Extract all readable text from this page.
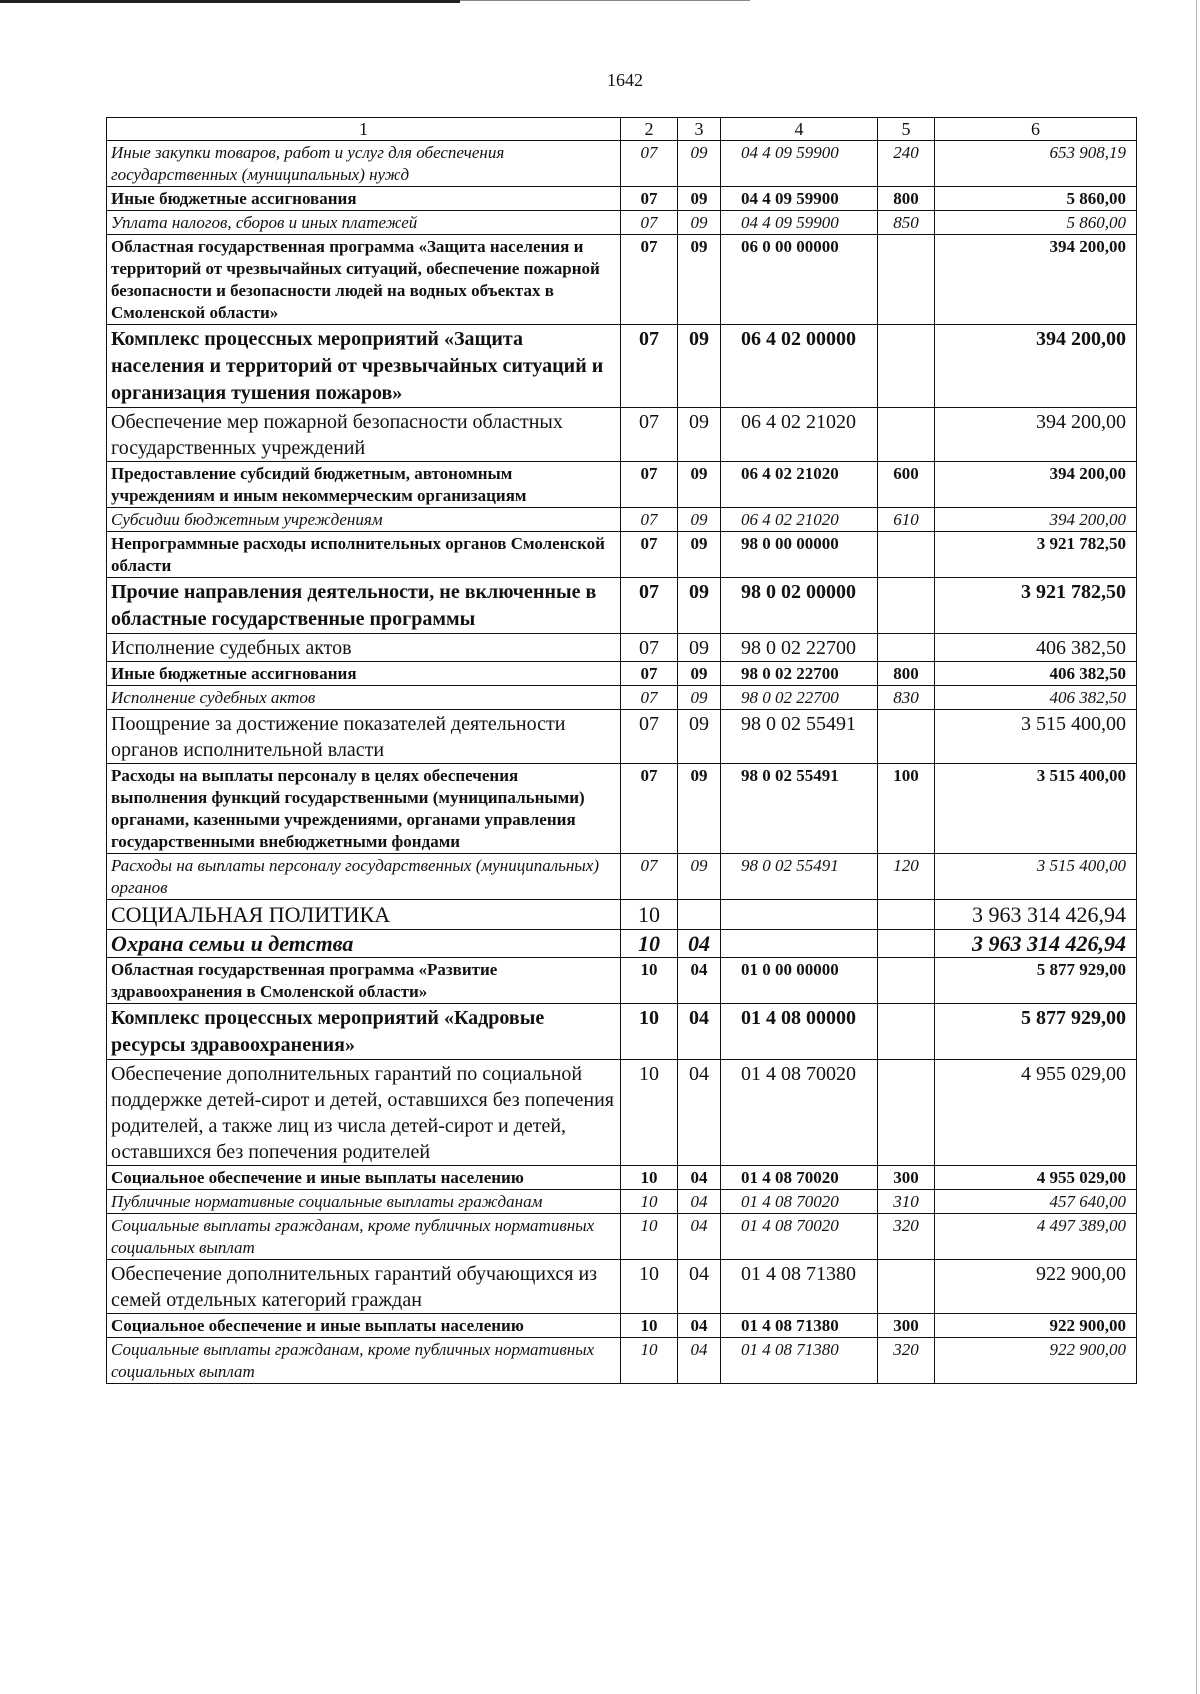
1642
1	2	3	4	5	6
Иные закупки товаров, работ и услуг для обеспечения государственных (муниципальных) нужд	07	09	04 4 09 59900	240	653 908,19
Иные бюджетные ассигнования	07	09	04 4 09 59900	800	5 860,00
Уплата налогов, сборов и иных платежей	07	09	04 4 09 59900	850	5 860,00
Областная государственная программа «Защита населения и территорий от чрезвычайных ситуаций, обеспечение пожарной безопасности и безопасности людей на водных объектах в Смоленской области»	07	09	06 0 00 00000		394 200,00
Комплекс процессных мероприятий «Защита населения и территорий от чрезвычайных ситуаций и организация тушения пожаров»	07	09	06 4 02 00000		394 200,00
Обеспечение мер пожарной безопасности областных государственных учреждений	07	09	06 4 02 21020		394 200,00
Предоставление субсидий бюджетным, автономным учреждениям и иным некоммерческим организациям	07	09	06 4 02 21020	600	394 200,00
Субсидии бюджетным учреждениям	07	09	06 4 02 21020	610	394 200,00
Непрограммные расходы исполнительных органов Смоленской области	07	09	98 0 00 00000		3 921 782,50
Прочие направления деятельности, не включенные в областные государственные программы	07	09	98 0 02 00000		3 921 782,50
Исполнение судебных актов	07	09	98 0 02 22700		406 382,50
Иные бюджетные ассигнования	07	09	98 0 02 22700	800	406 382,50
Исполнение судебных актов	07	09	98 0 02 22700	830	406 382,50
Поощрение за достижение показателей деятельности органов исполнительной власти	07	09	98 0 02 55491		3 515 400,00
Расходы на выплаты персоналу в целях обеспечения выполнения функций государственными (муниципальными) органами, казенными учреждениями, органами управления государственными внебюджетными фондами	07	09	98 0 02 55491	100	3 515 400,00
Расходы на выплаты персоналу государственных (муниципальных) органов	07	09	98 0 02 55491	120	3 515 400,00
СОЦИАЛЬНАЯ ПОЛИТИКА	10				3 963 314 426,94
Охрана семьи и детства	10	04			3 963 314 426,94
Областная государственная программа «Развитие здравоохранения в Смоленской области»	10	04	01 0 00 00000		5 877 929,00
Комплекс процессных мероприятий «Кадровые ресурсы здравоохранения»	10	04	01 4 08 00000		5 877 929,00
Обеспечение дополнительных гарантий по социальной поддержке детей-сирот и детей, оставшихся без попечения родителей, а также лиц из числа детей-сирот и детей, оставшихся без попечения родителей	10	04	01 4 08 70020		4 955 029,00
Социальное обеспечение и иные выплаты населению	10	04	01 4 08 70020	300	4 955 029,00
Публичные нормативные социальные выплаты гражданам	10	04	01 4 08 70020	310	457 640,00
Социальные выплаты гражданам, кроме публичных нормативных социальных выплат	10	04	01 4 08 70020	320	4 497 389,00
Обеспечение дополнительных гарантий обучающихся из семей отдельных категорий граждан	10	04	01 4 08 71380		922 900,00
Социальное обеспечение и иные выплаты населению	10	04	01 4 08 71380	300	922 900,00
Социальные выплаты гражданам, кроме публичных нормативных социальных выплат	10	04	01 4 08 71380	320	922 900,00
